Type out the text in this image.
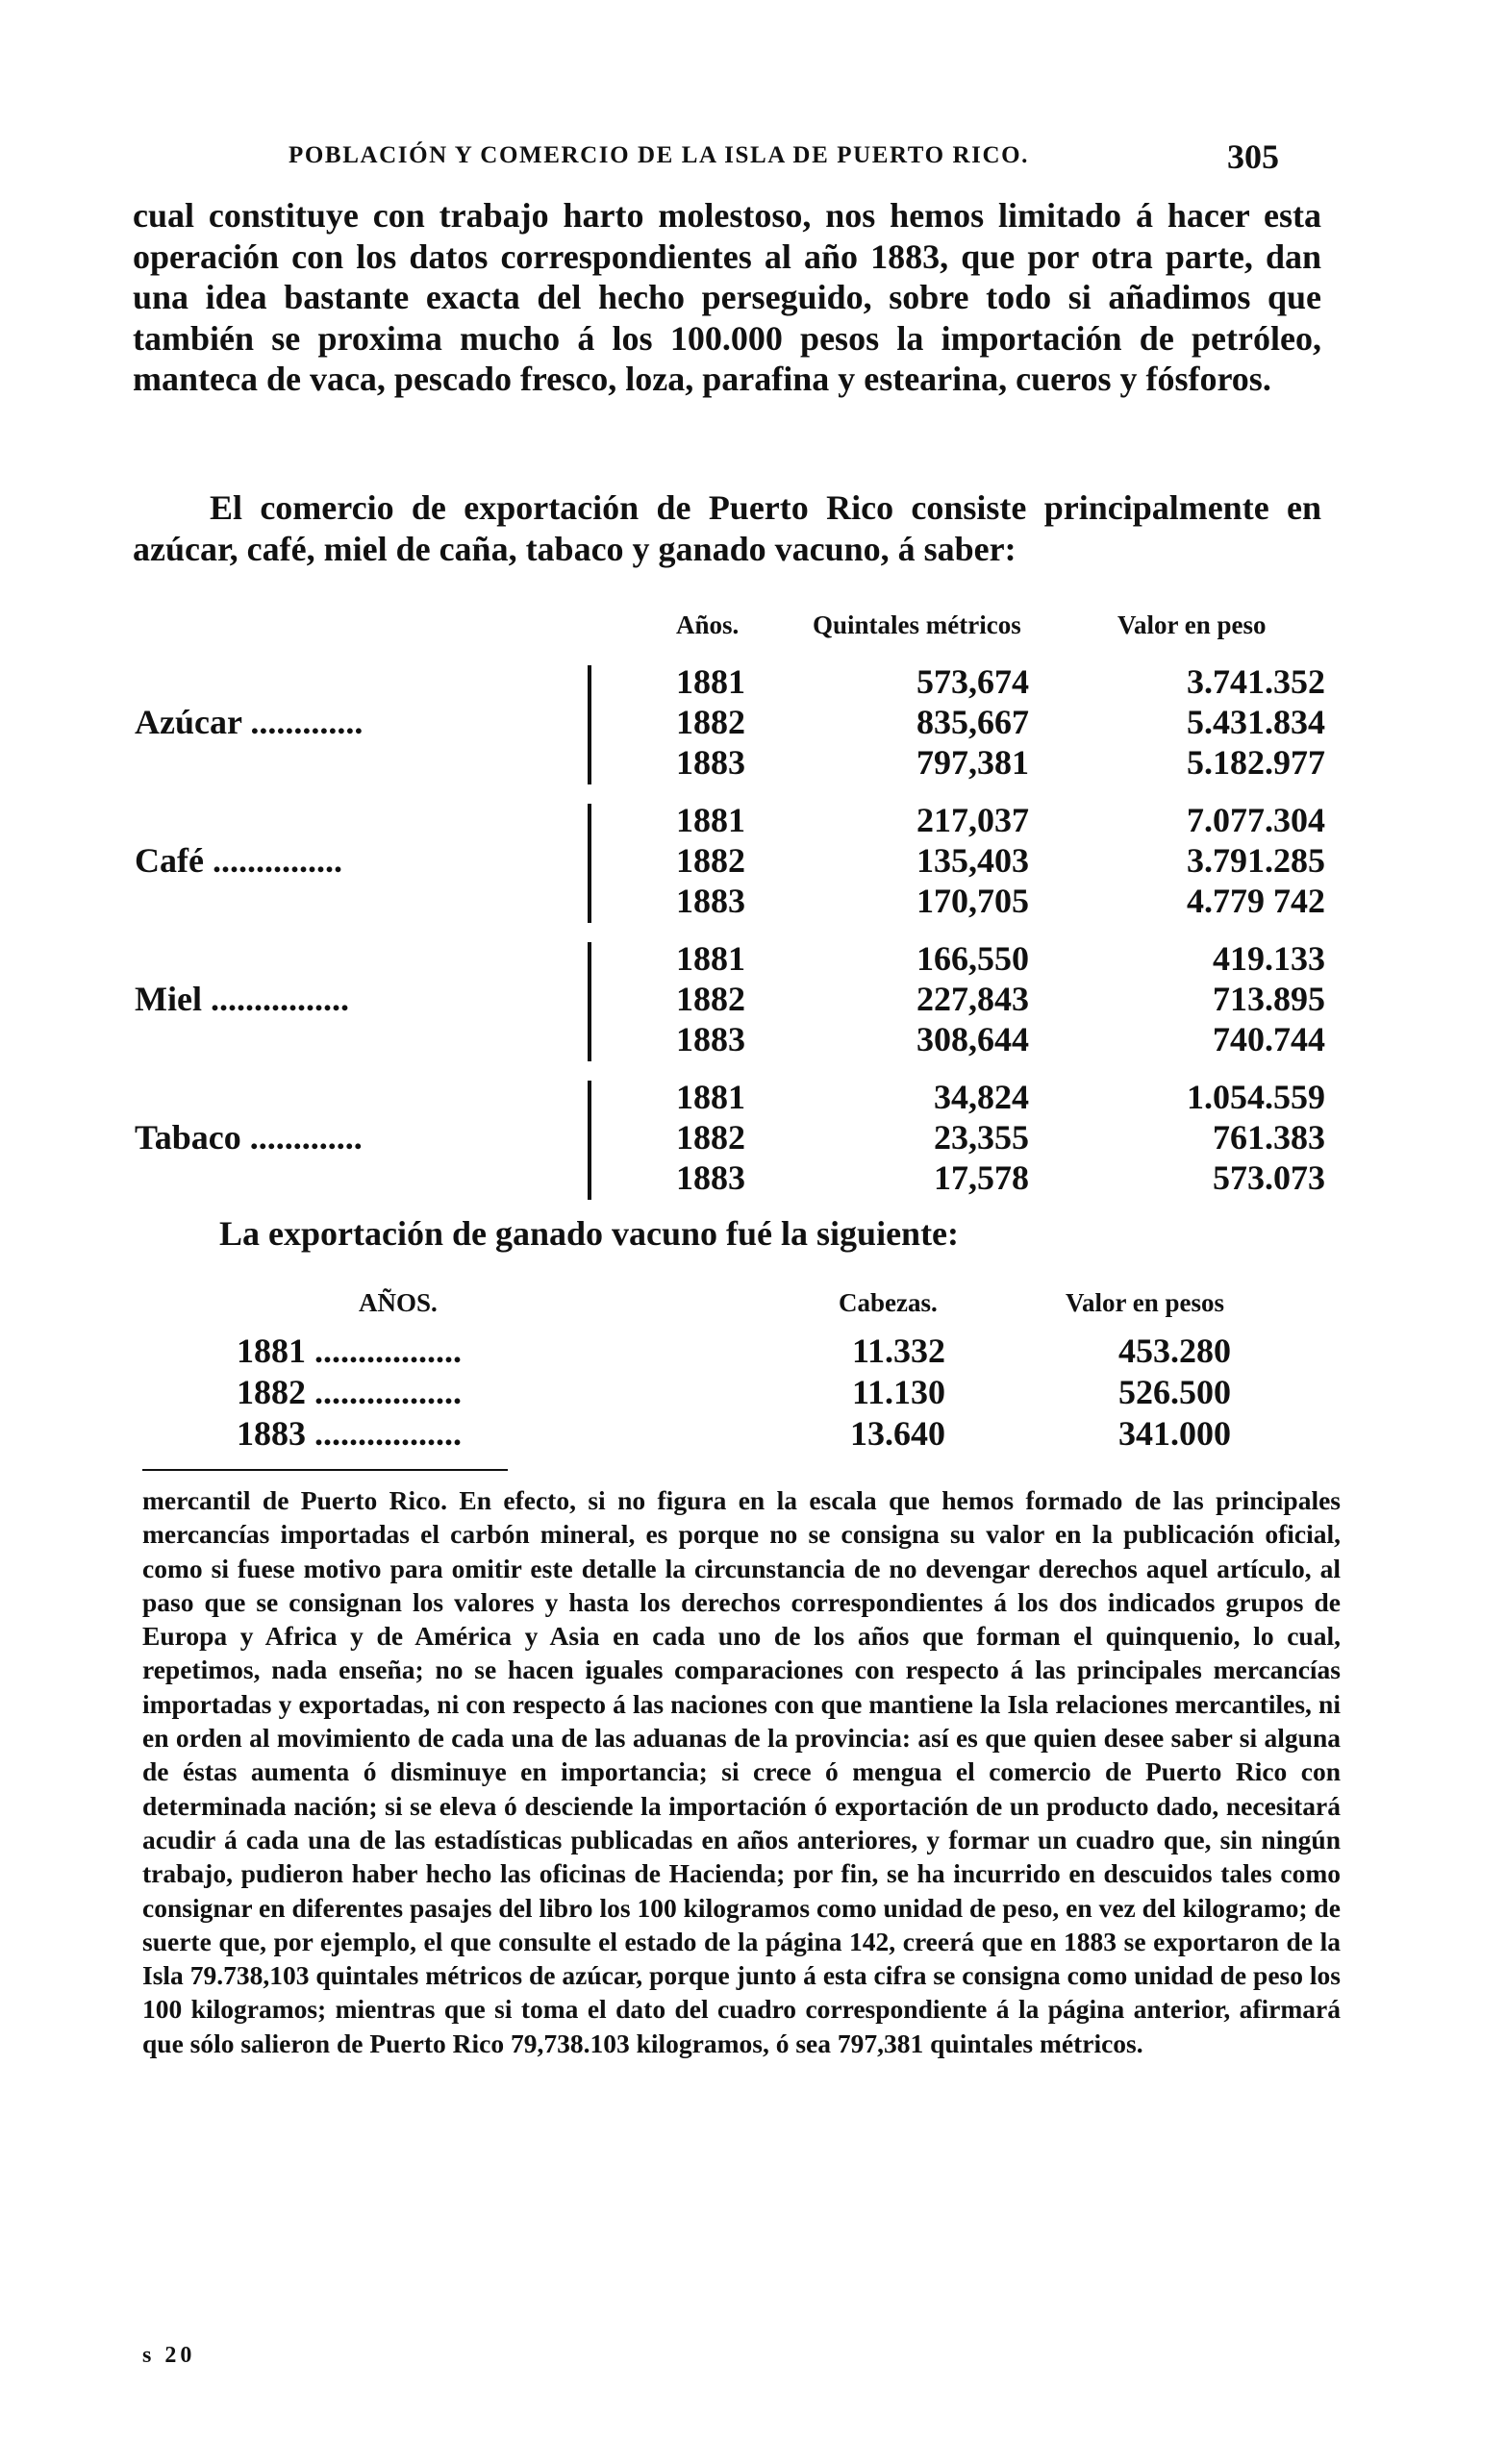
POBLACIÓN Y COMERCIO DE LA ISLA DE PUERTO RICO.	305

cual constituye con trabajo harto molestoso, nos hemos limitado á hacer esta operación con los datos correspondientes al año 1883, que por otra parte, dan una idea bastante exacta del hecho perseguido, sobre todo si añadimos que también se proxima mucho á los 100.000 pesos la importación de petróleo, manteca de vaca, pescado fresco, loza, parafina y estearina, cueros y fósforos.

El comercio de exportación de Puerto Rico consiste principalmente en azúcar, café, miel de caña, tabaco y ganado vacuno, á saber:

Años.	Quintales métricos	Valor en peso
Azúcar .............
1881	573,674	3.741.352
1882	835,667	5.431.834
1883	797,381	5.182.977
Café ...............
1881	217,037	7.077.304
1882	135,403	3.791.285
1883	170,705	4.779 742
Miel ................
1881	166,550	419.133
1882	227,843	713.895
1883	308,644	740.744
Tabaco .............
1881	34,824	1.054.559
1882	23,355	761.383
1883	17,578	573.073
La exportación de ganado vacuno fué la siguiente:
AÑOS.	Cabezas.	Valor en pesos
1881 .................	11.332	453.280
1882 .................	11.130	526.500
1883 .................	13.640	341.000
mercantil de Puerto Rico. En efecto, si no figura en la escala que hemos formado de las principales mercancías importadas el carbón mineral, es porque no se consigna su valor en la publicación oficial, como si fuese motivo para omitir este detalle la circunstancia de no devengar derechos aquel artículo, al paso que se consignan los valores y hasta los derechos correspondientes á los dos indicados grupos de Europa y Africa y de América y Asia en cada uno de los años que forman el quinquenio, lo cual, repetimos, nada enseña; no se hacen iguales comparaciones con respecto á las principales mercancías importadas y exportadas, ni con respecto á las naciones con que mantiene la Isla relaciones mercantiles, ni en orden al movimiento de cada una de las aduanas de la provincia: así es que quien desee saber si alguna de éstas aumenta ó disminuye en importancia; si crece ó mengua el comercio de Puerto Rico con determinada nación; si se eleva ó desciende la importación ó exportación de un producto dado, necesitará acudir á cada una de las estadísticas publicadas en años anteriores, y formar un cuadro que, sin ningún trabajo, pudieron haber hecho las oficinas de Hacienda; por fin, se ha incurrido en descuidos tales como consignar en diferentes pasajes del libro los 100 kilogramos como unidad de peso, en vez del kilogramo; de suerte que, por ejemplo, el que consulte el estado de la página 142, creerá que en 1883 se exportaron de la Isla 79.738,103 quintales métricos de azúcar, porque junto á esta cifra se consigna como unidad de peso los 100 kilogramos; mientras que si toma el dato del cuadro correspondiente á la página anterior, afirmará que sólo salieron de Puerto Rico 79,738.103 kilogramos, ó sea 797,381 quintales métricos.
s 20
